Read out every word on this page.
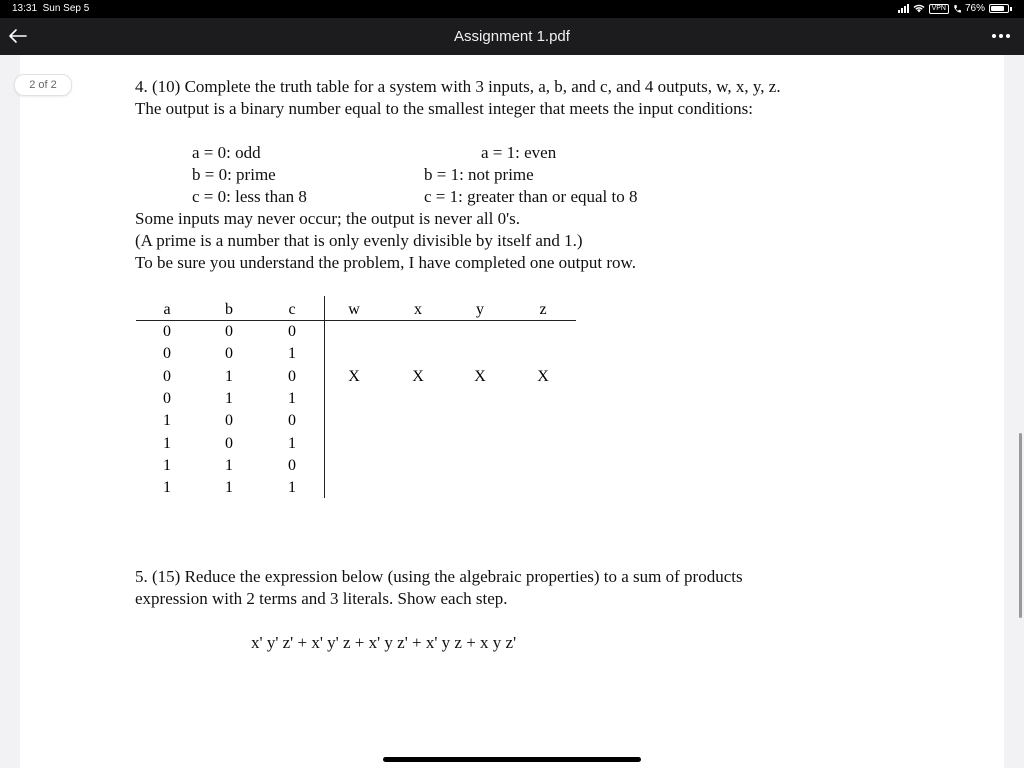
13:31 Sun Sep 5	VPN	76%
Assignment 1.pdf
4. (10) Complete the truth table for a system with 3 inputs, a, b, and c, and 4 outputs, w, x, y, z.
The output is a binary number equal to the smallest integer that meets the input conditions:
a = 0: odd	a = 1: even
b = 0: prime	b = 1: not prime
c = 0: less than 8	c = 1: greater than or equal to 8
Some inputs may never occur; the output is never all 0's.
(A prime is a number that is only evenly divisible by itself and 1.)
To be sure you understand the problem, I have completed one output row.
a	b	c	w	x	y	z
0	0	0
0	0	1
0	1	0	X	X	X	X
0	1	1
1	0	0
1	0	1
1	1	0
1	1	1
5. (15) Reduce the expression below (using the algebraic properties) to a sum of products
expression with 2 terms and 3 literals. Show each step.
x' y' z' + x' y' z + x' y z' + x' y z + x y z'
2 of 2
